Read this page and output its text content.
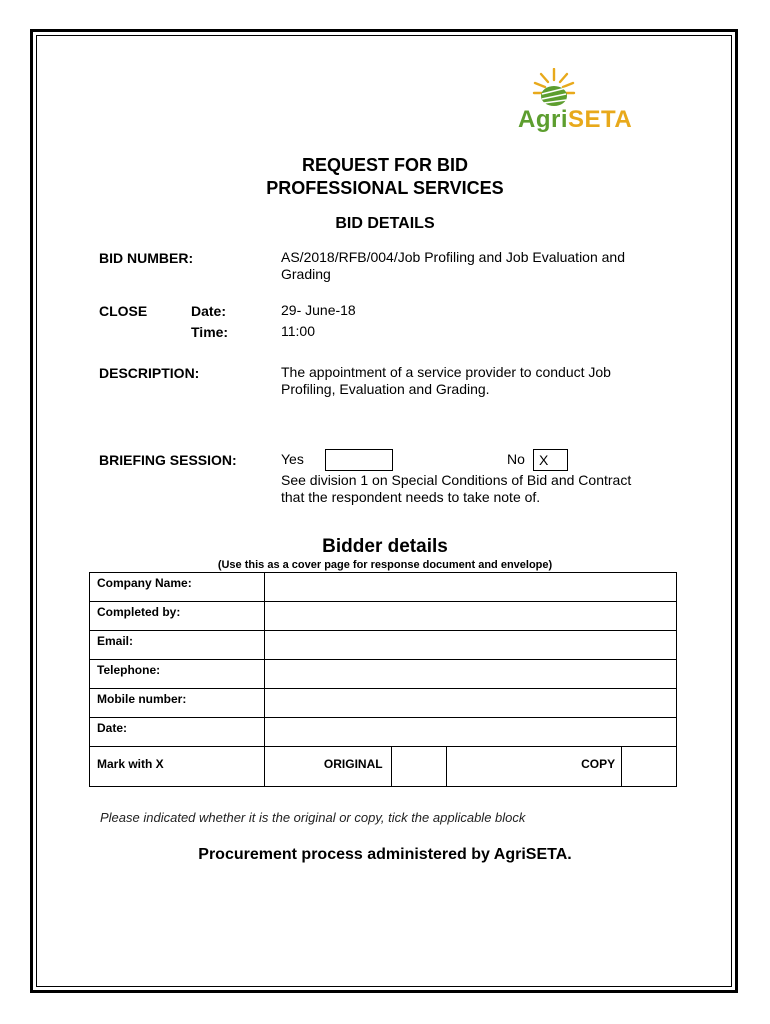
AgriSETA
REQUEST FOR BID
PROFESSIONAL SERVICES
BID DETAILS
BID NUMBER:	AS/2018/RFB/004/Job Profiling and Job Evaluation and
Grading
CLOSE	Date:	29- June-18
Time:	11:00
DESCRIPTION:	The appointment of a service provider to conduct Job
Profiling, Evaluation and Grading.
BRIEFING SESSION:	Yes	No	X
See division 1 on Special Conditions of Bid and Contract
that the respondent needs to take note of.
Bidder details
(Use this as a cover page for response document and envelope)
Company Name:				
Completed by:				
Email:				
Telephone:				
Mobile number:				
Date:				
Mark with X	ORIGINAL		COPY	
Please indicated whether it is the original or copy, tick the applicable block
Procurement process administered by AgriSETA.
